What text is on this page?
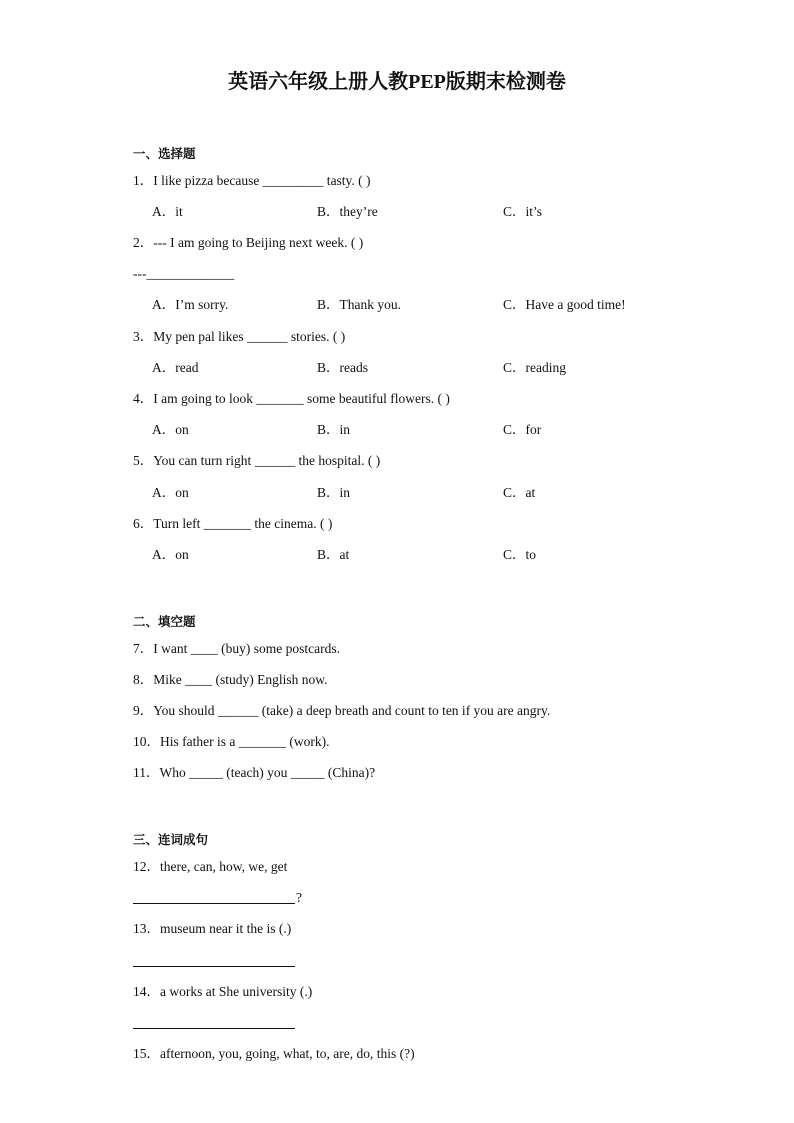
英语六年级上册人教PEP版期末检测卷
一、选择题
1．I like pizza because _________ tasty. ( )
A．it	B．they’re	C．it’s
2．--- I am going to Beijing next week. ( )
---_____________
A．I’m sorry.	B．Thank you.	C．Have a good time!
3．My pen pal likes ______ stories. ( )
A．read	B．reads	C．reading
4．I am going to look _______ some beautiful flowers. ( )
A．on	B．in	C．for
5．You can turn right ______ the hospital. ( )
A．on	B．in	C．at
6．Turn left _______ the cinema. ( )
A．on	B．at	C．to
二、填空题
7．I want ____ (buy) some postcards.
8．Mike ____ (study) English now.
9．You should ______ (take) a deep breath and count to ten if you are angry.
10．His father is a _______ (work).
11．Who _____ (teach) you _____ (China)?
三、连词成句
12．there, can, how, we, get
?
13．museum near it the is (.)
14．a works at She university (.)
15．afternoon, you, going, what, to, are, do, this (?)
